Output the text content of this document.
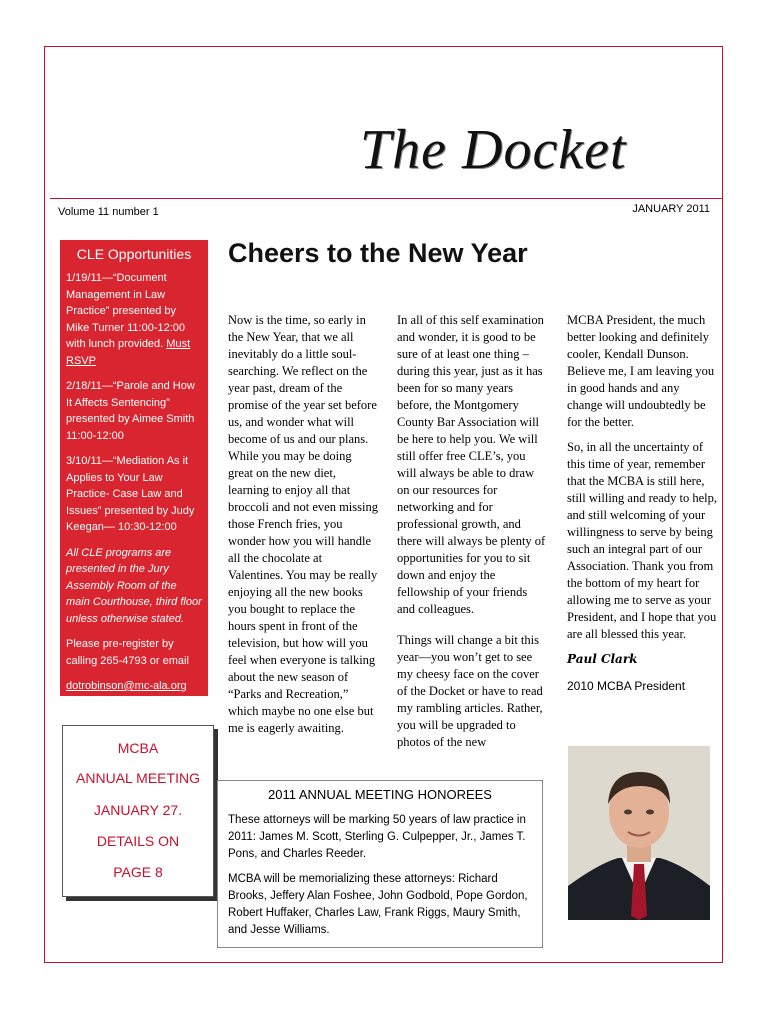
The Docket
Volume 11 number 1	JANUARY 2011
CLE Opportunities

1/19/11—“Document Management in Law Practice” presented by Mike Turner 11:00-12:00 with lunch provided. Must RSVP

2/18/11—“Parole and How It Affects Sentencing” presented by Aimee Smith 11:00-12:00

3/10/11—“Mediation As it Applies to Your Law Practice- Case Law and Issues” presented by Judy Keegan— 10:30-12:00

All CLE programs are presented in the Jury Assembly Room of the main Courthouse, third floor unless otherwise stated.

Please pre-register by calling 265-4793 or email

dotrobinson@mc-ala.org

MCBA
ANNUAL MEETING
JANUARY 27.
DETAILS ON
PAGE 8
Cheers to the New Year

Now is the time, so early in the New Year, that we all inevitably do a little soul-searching. We reflect on the year past, dream of the promise of the year set before us, and wonder what will become of us and our plans. While you may be doing great on the new diet, learning to enjoy all that broccoli and not even missing those French fries, you wonder how you will handle all the chocolate at Valentines. You may be really enjoying all the new books you bought to replace the hours spent in front of the television, but how will you feel when everyone is talking about the new season of “Parks and Recreation,” which maybe no one else but me is eagerly awaiting.

In all of this self examination and wonder, it is good to be sure of at least one thing – during this year, just as it has been for so many years before, the Montgomery County Bar Association will be here to help you. We will still offer free CLE’s, you will always be able to draw on our resources for networking and for professional growth, and there will always be plenty of opportunities for you to sit down and enjoy the fellowship of your friends and colleagues.

Things will change a bit this year—you won’t get to see my cheesy face on the cover of the Docket or have to read my rambling articles. Rather, you will be upgraded to photos of the new

MCBA President, the much better looking and definitely cooler, Kendall Dunson. Believe me, I am leaving you in good hands and any change will undoubtedly be for the better.

So, in all the uncertainty of this time of year, remember that the MCBA is still here, still willing and ready to help, and still welcoming of your willingness to serve by being such an integral part of our Association. Thank you from the bottom of my heart for allowing me to serve as your President, and I hope that you are all blessed this year.

Paul Clark
2010 MCBA President
2011 ANNUAL MEETING HONOREES

These attorneys will be marking 50 years of law practice in 2011: James M. Scott, Sterling G. Culpepper, Jr., James T. Pons, and Charles Reeder.

MCBA will be memorializing these attorneys: Richard Brooks, Jeffery Alan Foshee, John Godbold, Pope Gordon, Robert Huffaker, Charles Law, Frank Riggs, Maury Smith, and Jesse Williams.
